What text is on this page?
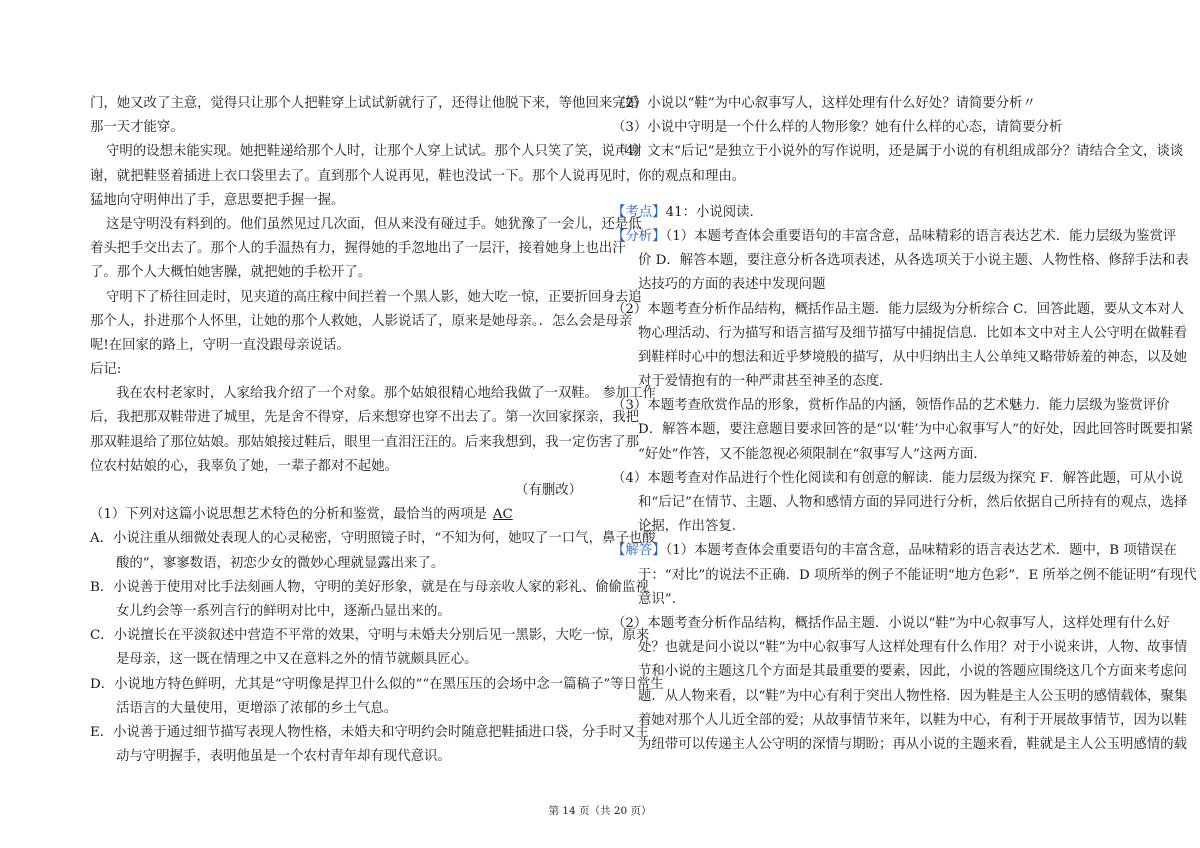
门，她又改了主意，觉得只让那个人把鞋穿上试试新就行了，还得让他脱下来，等他回来完婚
那一天才能穿。
守明的设想未能实现。她把鞋递给那个人时，让那个人穿上试试。那个人只笑了笑，说声谢
谢，就把鞋竖着插进上衣口袋里去了。直到那个人说再见，鞋也没试一下。那个人说再见时，
猛地向守明伸出了手，意思要把手握一握。
这是守明没有料到的。他们虽然见过几次面，但从来没有碰过手。她犹豫了一会儿，还是低
着头把手交出去了。那个人的手温热有力，握得她的手忽地出了一层汗，接着她身上也出汗
了。那个人大概怕她害臊，就把她的手松开了。
守明下了桥往回走时，见夹道的高庄稼中间拦着一个黑人影，她大吃一惊，正要折回身去追
那个人，扑进那个人怀里，让她的那个人救她，人影说话了，原来是她母亲。．怎么会是母亲
呢!在回家的路上，守明一直没跟母亲说话。
后记:
我在农村老家时，人家给我介绍了一个对象。那个姑娘很精心地给我做了一双鞋。 参加工作
后，我把那双鞋带进了城里，先是舍不得穿，后来想穿也穿不出去了。第一次回家探亲，我把
那双鞋退给了那位姑娘。那姑娘接过鞋后，眼里一直泪汪汪的。后来我想到，我一定伤害了那
位农村姑娘的心，我辜负了她，一辈子都对不起她。
（有删改）
（1）下列对这篇小说思想艺术特色的分析和鉴赏，最恰当的两项是 AC
A．小说注重从细微处表现人的心灵秘密，守明照镜子时，“不知为何，她叹了一口气，鼻子也酸
酸的”，寥寥数语，初恋少女的微妙心理就显露出来了。
B．小说善于使用对比手法刻画人物，守明的美好形象，就是在与母亲收人家的彩礼、偷偷监视
女儿约会等一系列言行的鲜明对比中，逐渐凸显出来的。
C．小说擅长在平淡叙述中营造不平常的效果，守明与未婚夫分别后见一黑影，大吃一惊，原来
是母亲，这一既在情理之中又在意料之外的情节就颇具匠心。
D．小说地方特色鲜明，尤其是“守明像是捍卫什么似的”“在黑压压的会场中念一篇稿子”等日常生
活语言的大量使用，更增添了浓郁的乡土气息。
E．小说善于通过细节描写表现人物性格，未婚夫和守明约会时随意把鞋插进口袋，分手时又主
动与守明握手，表明他虽是一个农村青年却有现代意识。
（2）小说以“鞋”为中心叙事写人，这样处理有什么好处？请简要分析〃
（3）小说中守明是一个什么样的人物形象？她有什么样的心态，请简要分析
（4）文末“后记”是独立于小说外的写作说明，还是属于小说的有机组成部分？请结合全文，谈谈
你的观点和理由。
【考点】41：小说阅读.
【分析】（1）本题考查体会重要语句的丰富含意，品味精彩的语言表达艺术．能力层级为鉴赏评
价 D．解答本题，要注意分析各选项表述，从各选项关于小说主题、人物性格、修辞手法和表
达技巧的方面的表述中发现问题
（2）本题考查分析作品结构，概括作品主题．能力层级为分析综合 C．回答此题，要从文本对人
物心理活动、行为描写和语言描写及细节描写中捕捉信息．比如本文中对主人公守明在做鞋看
到鞋样时心中的想法和近乎梦境般的描写，从中归纳出主人公单纯又略带娇羞的神态，以及她
对于爱情抱有的一种严肃甚至神圣的态度．
（3）本题考查欣赏作品的形象，赏析作品的内涵，领悟作品的艺术魅力．能力层级为鉴赏评价
D．解答本题，要注意题目要求回答的是“以‘鞋’为中心叙事写人”的好处，因此回答时既要扣紧
“好处”作答，又不能忽视必须限制在“叙事写人”这两方面.
（4）本题考查对作品进行个性化阅读和有创意的解读．能力层级为探究 F．解答此题，可从小说
和“后记”在情节、主题、人物和感情方面的异同进行分析，然后依据自己所持有的观点，选择
论据，作出答复.
【解答】（1）本题考查体会重要语句的丰富含意，品味精彩的语言表达艺术．题中，B 项错误在
于：“对比”的说法不正确．D 项所举的例子不能证明“地方色彩”．E 所举之例不能证明“有现代
意识”.
（2）本题考查分析作品结构，概括作品主题．小说以“鞋”为中心叙事写人，这样处理有什么好
处？也就是问小说以“鞋”为中心叙事写人这样处理有什么作用？对于小说来讲，人物、故事情
节和小说的主题这几个方面是其最重要的要素，因此，小说的答题应围绕这几个方面来考虑问
题．从人物来看，以“鞋”为中心有利于突出人物性格．因为鞋是主人公玉明的感情载体，聚集
着她对那个人儿近全部的爱；从故事情节来年，以鞋为中心，有利于开展故事情节，因为以鞋
为纽带可以传递主人公守明的深情与期盼；再从小说的主题来看，鞋就是主人公玉明感情的载
第 14 页（共 20 页）
